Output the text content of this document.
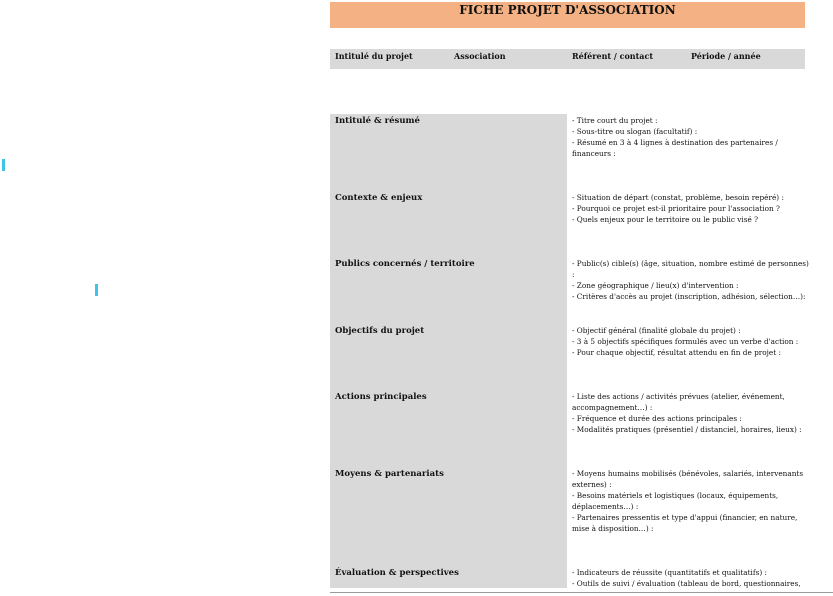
FICHE PROJET D'ASSOCIATION
Intitulé du projet	Association	Référent / contact	Période / année
Intitulé & résumé	- Titre court du projet :
- Sous-titre ou slogan (facultatif) :
- Résumé en 3 à 4 lignes à destination des partenaires / financeurs :
Contexte & enjeux	- Situation de départ (constat, problème, besoin repéré) :
- Pourquoi ce projet est-il prioritaire pour l'association ?
- Quels enjeux pour le territoire ou le public visé ?
Publics concernés / territoire	- Public(s) cible(s) (âge, situation, nombre estimé de personnes) :
- Zone géographique / lieu(x) d'intervention :
- Critères d'accès au projet (inscription, adhésion, sélection…):
Objectifs du projet	- Objectif général (finalité globale du projet) :
- 3 à 5 objectifs spécifiques formulés avec un verbe d'action :
- Pour chaque objectif, résultat attendu en fin de projet :
Actions principales	- Liste des actions / activités prévues (atelier, événement, accompagnement…) :
- Fréquence et durée des actions principales :
- Modalités pratiques (présentiel / distanciel, horaires, lieux) :
Moyens & partenariats	- Moyens humains mobilisés (bénévoles, salariés, intervenants externes) :
- Besoins matériels et logistiques (locaux, équipements, déplacements…) :
- Partenaires pressentis et type d'appui (financier, en nature, mise à disposition…) :
Évaluation & perspectives	- Indicateurs de réussite (quantitatifs et qualitatifs) :
- Outils de suivi / évaluation (tableau de bord, questionnaires,
